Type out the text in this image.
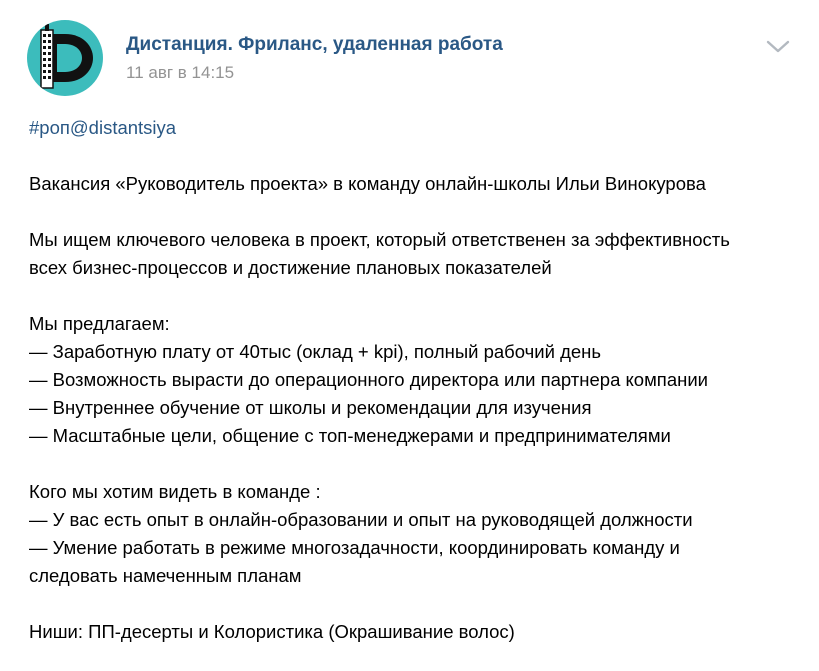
Дистанция. Фриланс, удаленная работа
11 авг в 14:15
#роп@distantsiya
Вакансия «Руководитель проекта» в команду онлайн-школы Ильи Винокурова
Мы ищем ключевого человека в проект, который ответственен за эффективность
всех бизнес-процессов и достижение плановых показателей
Мы предлагаем:
— Заработную плату от 40тыс (оклад + kpi), полный рабочий день
— Возможность вырасти до операционного директора или партнера компании
— Внутреннее обучение от школы и рекомендации для изучения
— Масштабные цели, общение с топ-менеджерами и предпринимателями
Кого мы хотим видеть в команде :
— У вас есть опыт в онлайн-образовании и опыт на руководящей должности
— Умение работать в режиме многозадачности, координировать команду и
следовать намеченным планам
Ниши: ПП-десерты и Колористика (Окрашивание волос)
